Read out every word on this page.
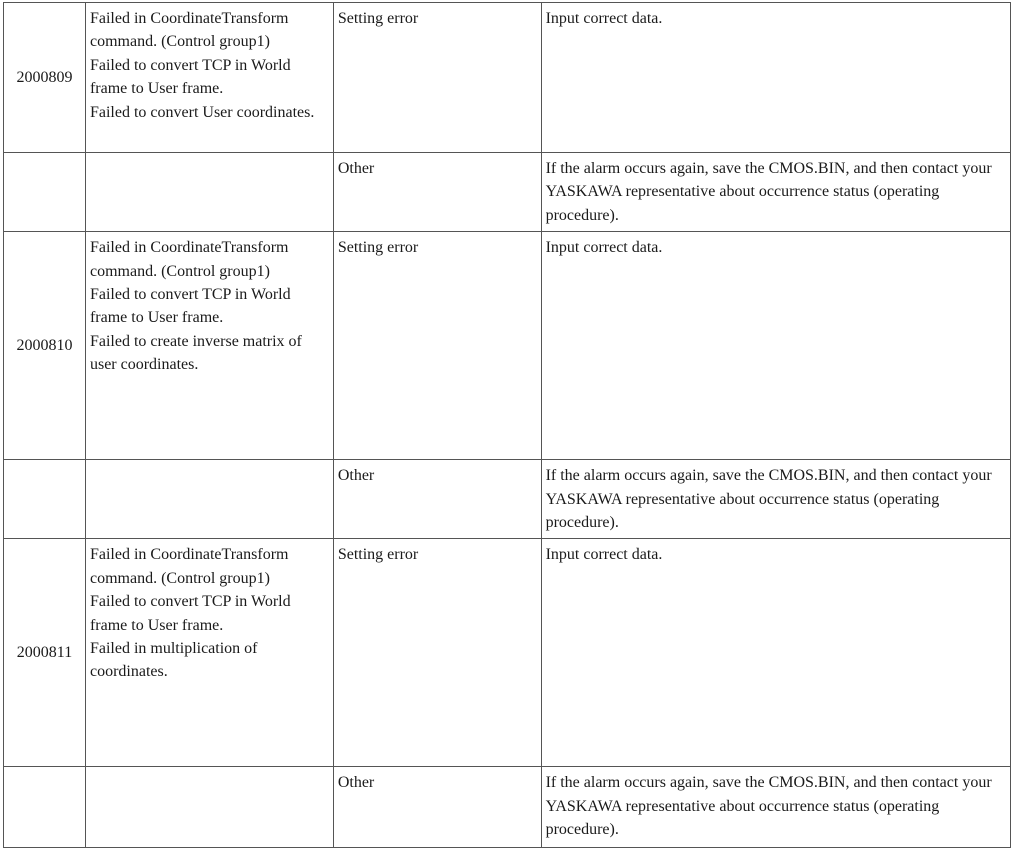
2000809	Failed in CoordinateTransform command. (Control group1)
Failed to convert TCP in World frame to User frame.
Failed to convert User coordinates.	Setting error	Input correct data.
		Other	If the alarm occurs again, save the CMOS.BIN, and then contact your YASKAWA representative about occurrence status (operating procedure).
2000810	Failed in CoordinateTransform command. (Control group1)
Failed to convert TCP in World frame to User frame.
Failed to create inverse matrix of user coordinates.	Setting error	Input correct data.
		Other	If the alarm occurs again, save the CMOS.BIN, and then contact your YASKAWA representative about occurrence status (operating procedure).
2000811	Failed in CoordinateTransform command. (Control group1)
Failed to convert TCP in World frame to User frame.
Failed in multiplication of coordinates.	Setting error	Input correct data.
		Other	If the alarm occurs again, save the CMOS.BIN, and then contact your YASKAWA representative about occurrence status (operating procedure).
